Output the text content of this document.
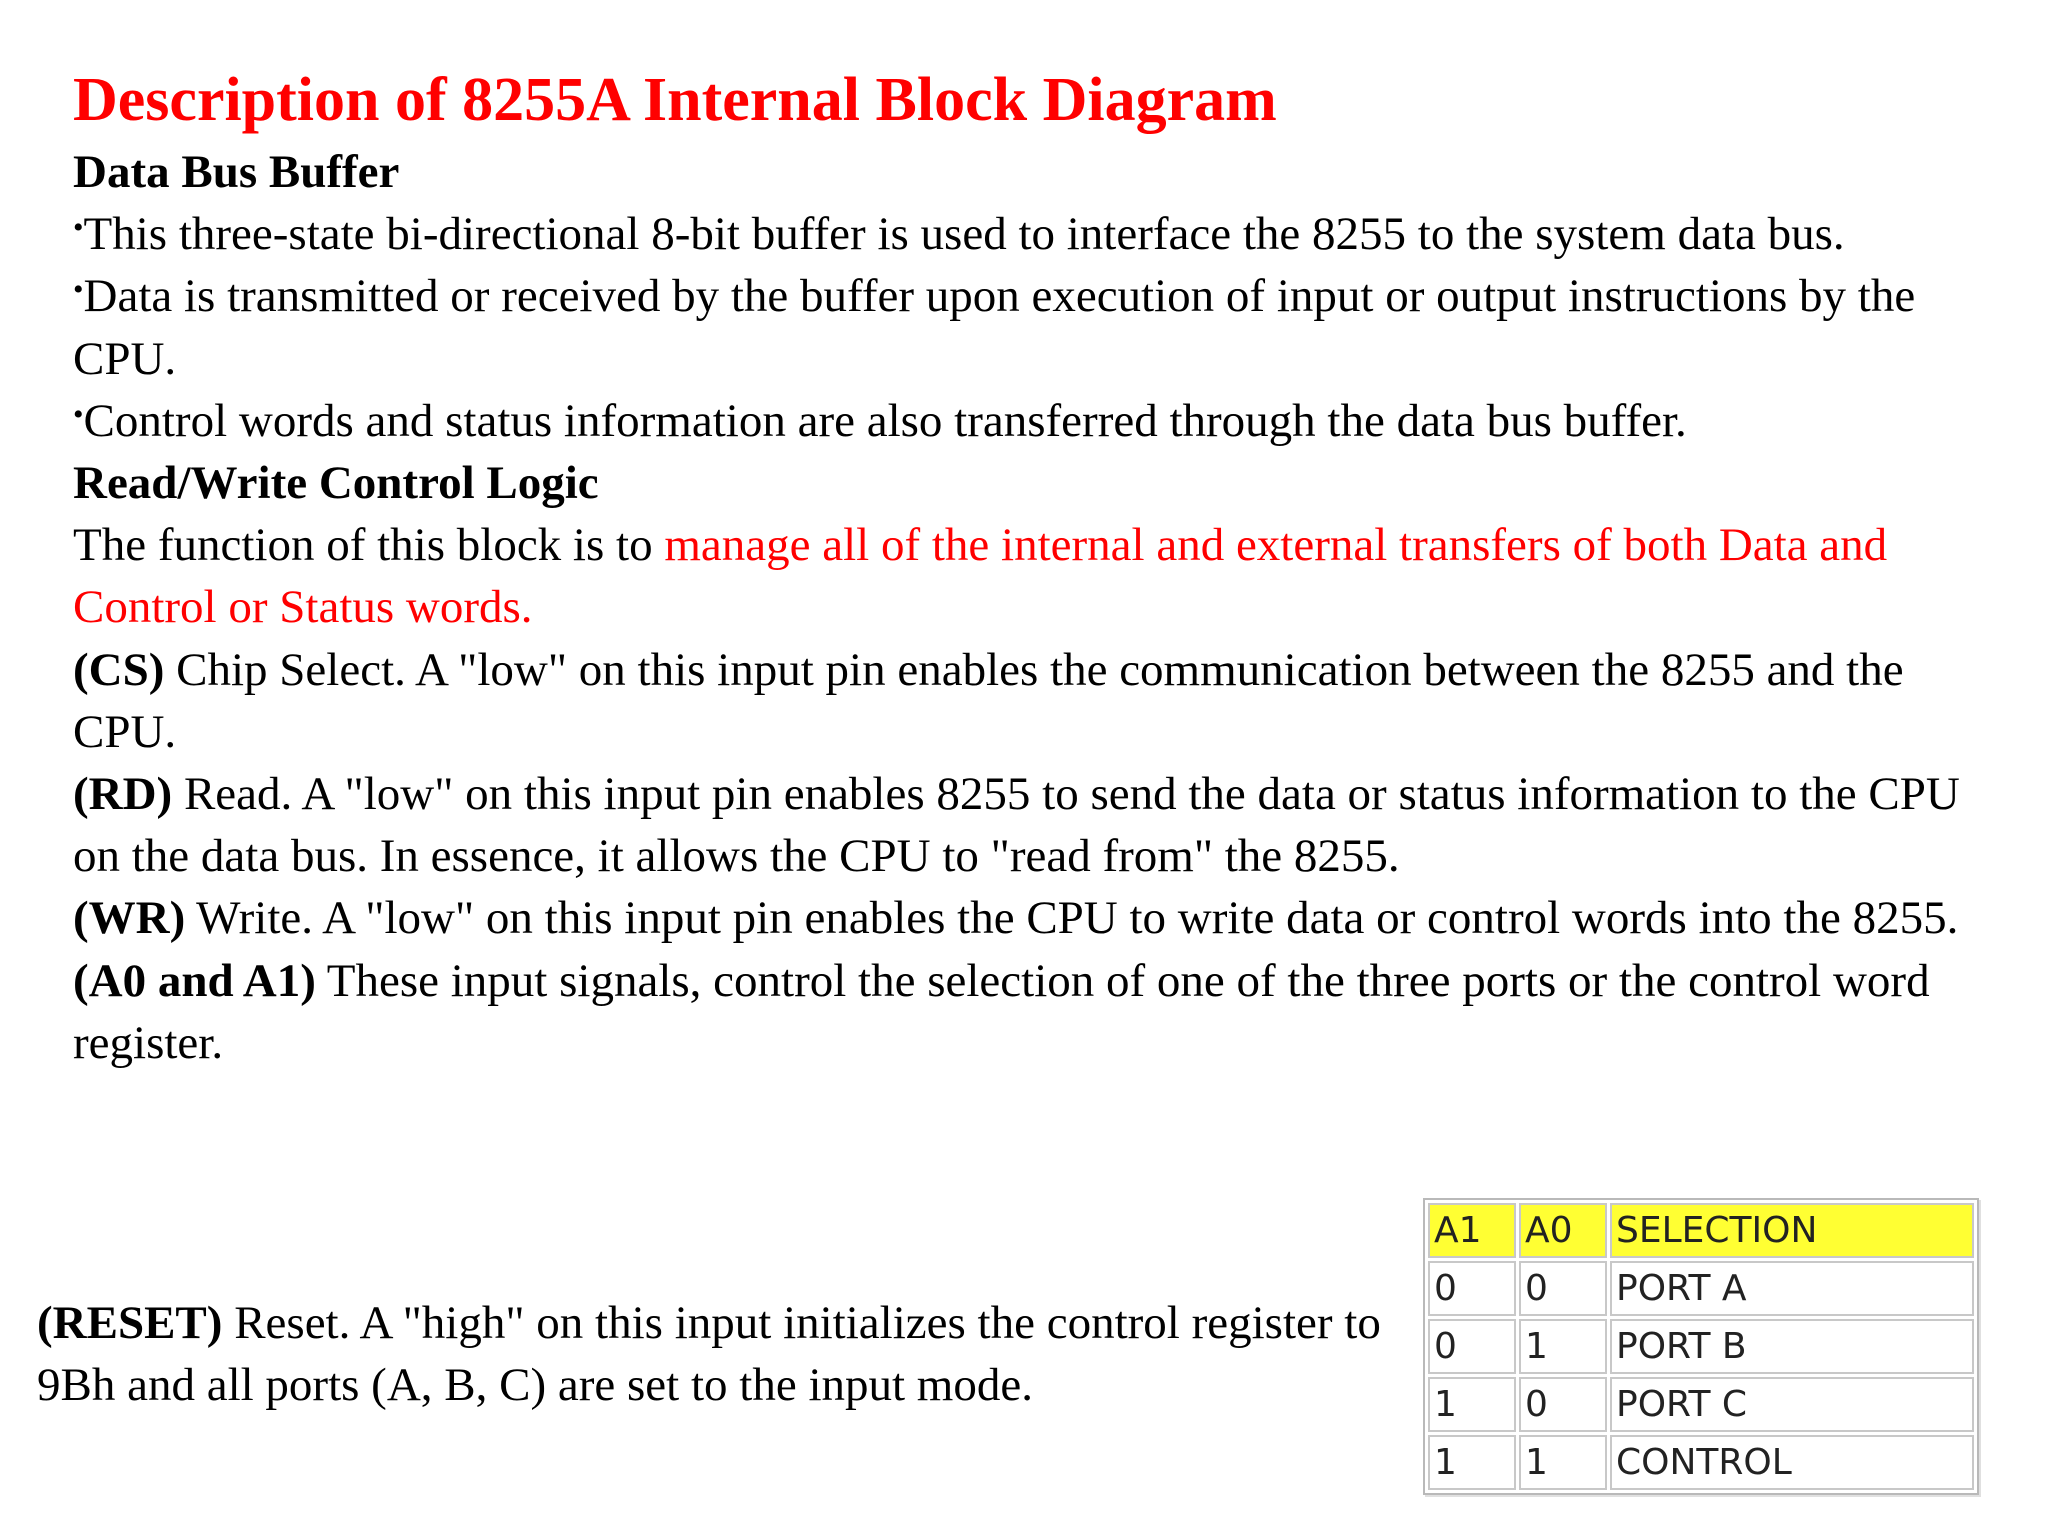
Description of 8255A Internal Block Diagram

Data Bus Buffer

•This three-state bi-directional 8-bit buffer is used to interface the 8255 to the system data bus.

•Data is transmitted or received by the buffer upon execution of input or output instructions by the CPU.

•Control words and status information are also transferred through the data bus buffer.

Read/Write Control Logic

The function of this block is to manage all of the internal and external transfers of both Data and Control or Status words.

(CS) Chip Select. A "low" on this input pin enables the communication between the 8255 and the CPU.

(RD) Read. A "low" on this input pin enables 8255 to send the data or status information to the CPU on the data bus. In essence, it allows the CPU to "read from" the 8255.

(WR) Write. A "low" on this input pin enables the CPU to write data or control words into the 8255.

(A0 and A1) These input signals, control the selection of one of the three ports or the control word register.

(RESET) Reset. A "high" on this input initializes the control register to 9Bh and all ports (A, B, C) are set to the input mode.

A1	A0	SELECTION
0	0	PORT A
0	1	PORT B
1	0	PORT C
1	1	CONTROL
